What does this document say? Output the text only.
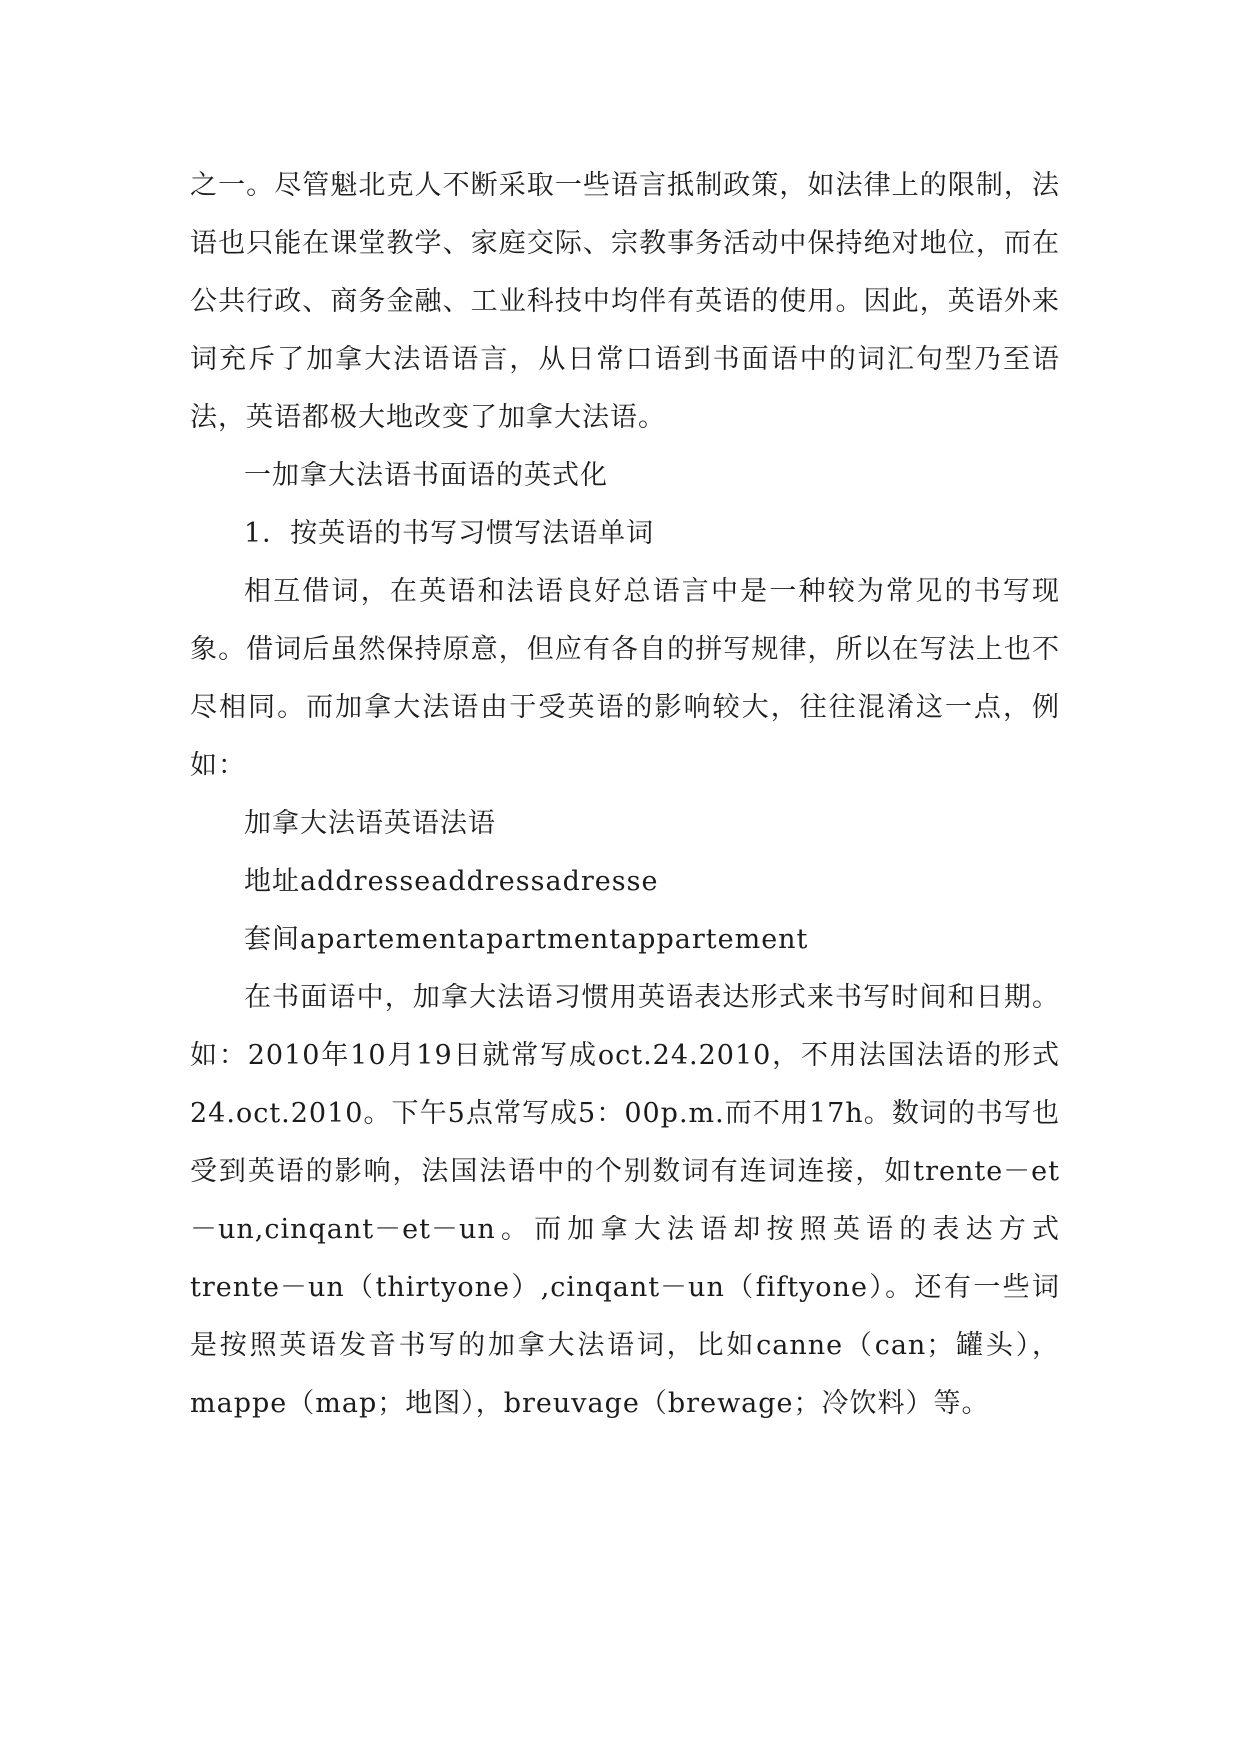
之一。尽管魁北克人不断采取一些语言抵制政策，如法律上的限制，法语也只能在课堂教学、家庭交际、宗教事务活动中保持绝对地位，而在公共行政、商务金融、工业科技中均伴有英语的使用。因此，英语外来词充斥了加拿大法语语言，从日常口语到书面语中的词汇句型乃至语法，英语都极大地改变了加拿大法语。

一加拿大法语书面语的英式化

1．按英语的书写习惯写法语单词

相互借词，在英语和法语良好总语言中是一种较为常见的书写现象。借词后虽然保持原意，但应有各自的拼写规律，所以在写法上也不尽相同。而加拿大法语由于受英语的影响较大，往往混淆这一点，例如：

加拿大法语英语法语

地址addresseaddressadresse

套间apartementapartmentappartement

在书面语中，加拿大法语习惯用英语表达形式来书写时间和日期。如：2010年10月19日就常写成oct.24.2010，不用法国法语的形式24.oct.2010。下午5点常写成5：00p.m.而不用17h。数词的书写也受到英语的影响，法国法语中的个别数词有连词连接，如trente－et－un,cinqant－et－un。而加拿大法语却按照英语的表达方式trente－un（thirtyone）,cinqant－un（fiftyone）。还有一些词是按照英语发音书写的加拿大法语词，比如canne（can；罐头），mappe（map；地图），breuvage（brewage；冷饮料）等。
